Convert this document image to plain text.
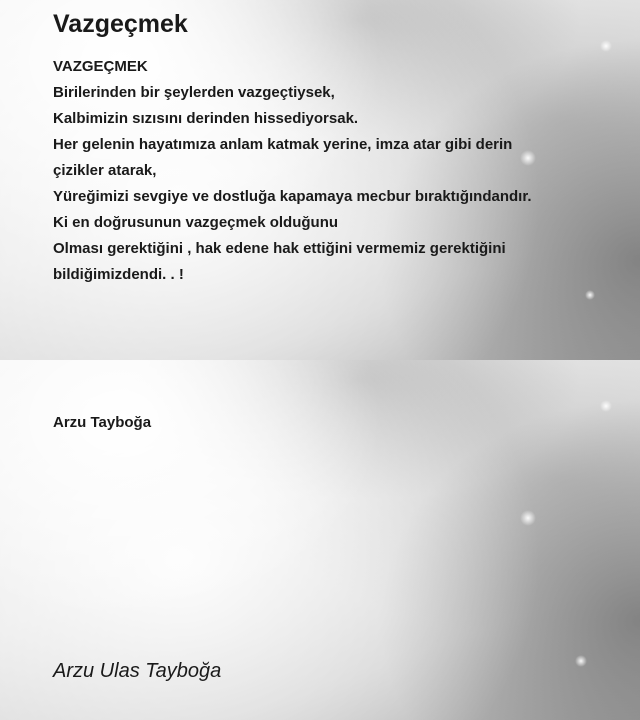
Vazgeçmek
VAZGEÇMEK
Birilerinden bir şeylerden vazgeçtiysek,
Kalbimizin sızısını derinden hissediyorsak.
Her gelenin hayatımıza anlam katmak yerine, imza atar gibi derin çizikler atarak,
Yüreğimizi sevgiye ve dostluğa kapamaya mecbur bıraktığındandır.
Ki en doğrusunun vazgeçmek olduğunu
Olması gerektiğini , hak edene hak ettiğini vermemiz gerektiğini bildiğimizdendi. . !
Arzu Tayboğa
Arzu Ulas Tayboğa
